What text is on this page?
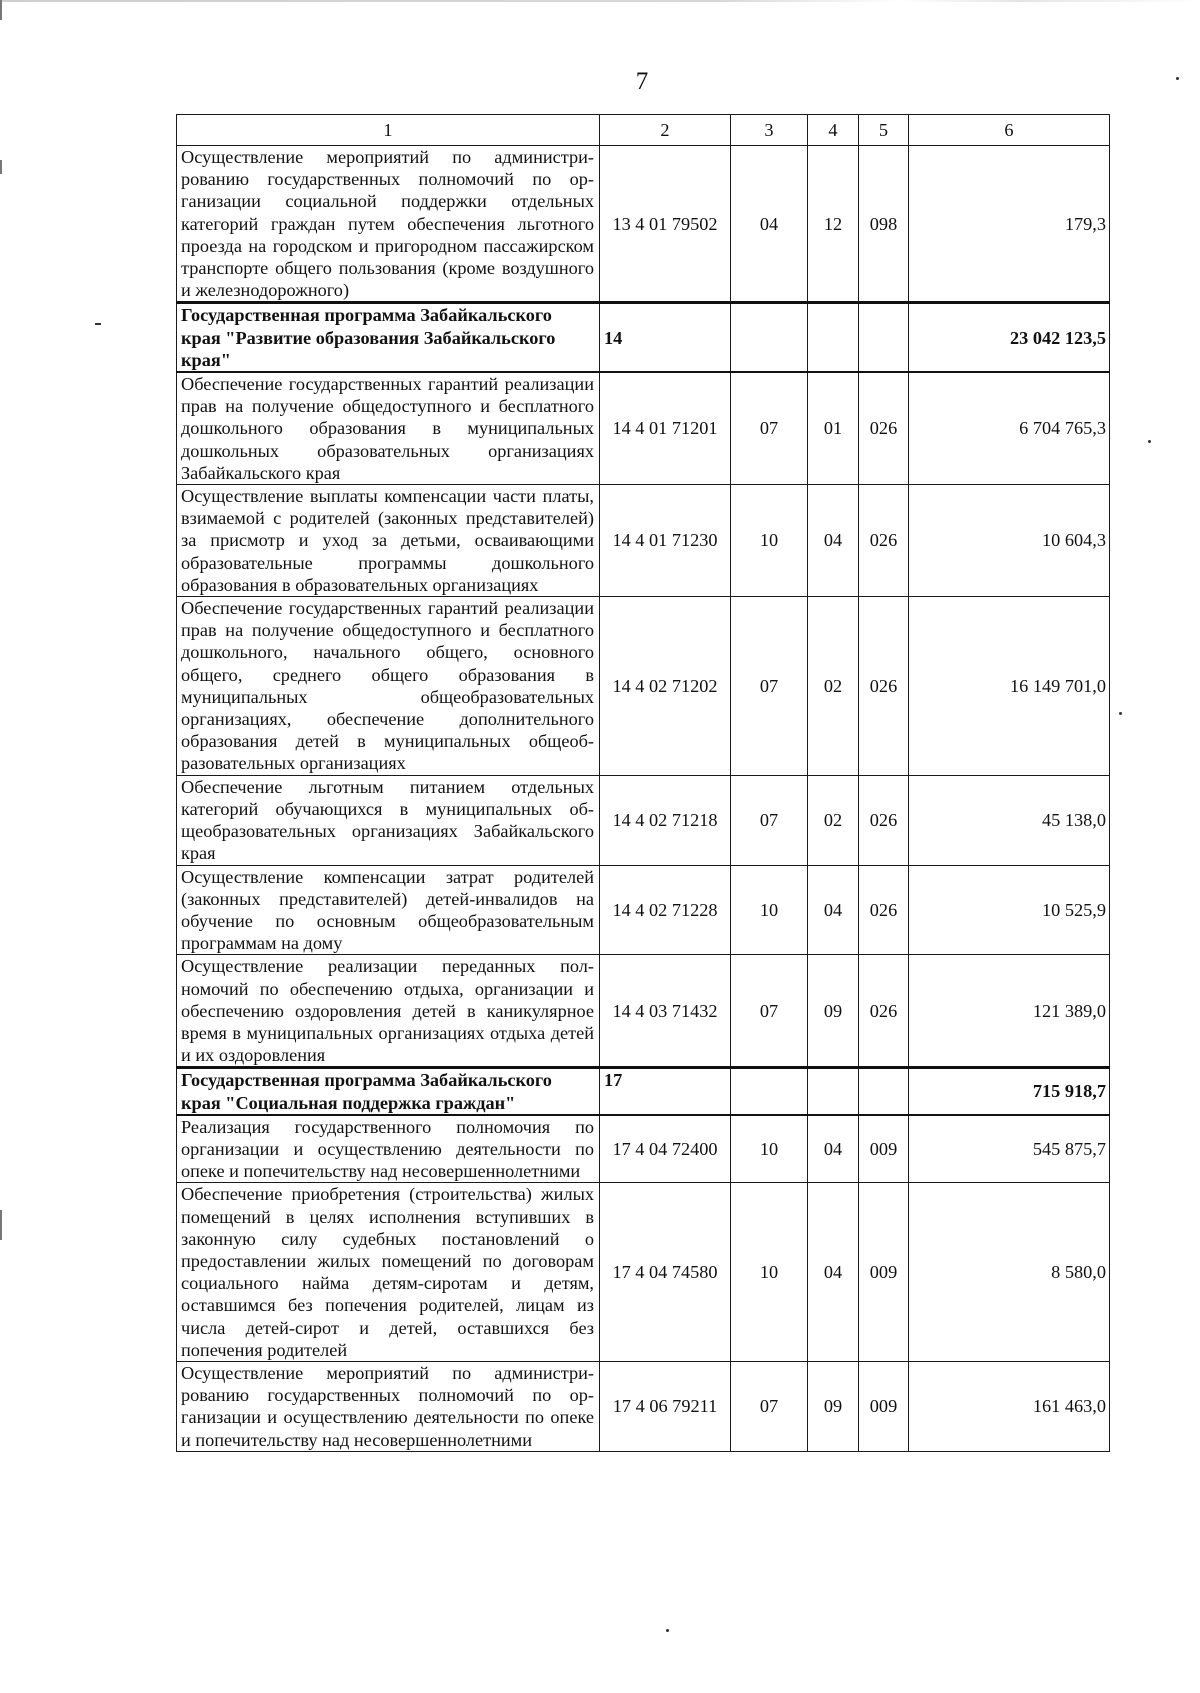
7
1	2	3	4	5	6
Осуществление мероприятий по администрированию государственных полномочий по организации социальной поддержки отдельных категорий граждан путем обеспечения льготного проезда на городском и пригородном пассажирском транспорте общего пользования (кроме воздушного и железнодорожного)	13 4 01 79502	04	12	098	179,3
Государственная программа Забайкальского края "Развитие образования Забайкальского края"	14				23 042 123,5
Обеспечение государственных гарантий реализации прав на получение общедоступного и бесплатного дошкольного образования в муниципальных дошкольных образовательных организациях Забайкальского края	14 4 01 71201	07	01	026	6 704 765,3
Осуществление выплаты компенсации части платы, взимаемой с родителей (законных представителей) за присмотр и уход за детьми, осваивающими образовательные программы дошкольного образования в образовательных организациях	14 4 01 71230	10	04	026	10 604,3
Обеспечение государственных гарантий реализации прав на получение общедоступного и бесплатного дошкольного, начального общего, основного общего, среднего общего образования в муниципальных общеобразовательных организациях, обеспечение дополнительного образования детей в муниципальных общеобразовательных организациях	14 4 02 71202	07	02	026	16 149 701,0
Обеспечение льготным питанием отдельных категорий обучающихся в муниципальных общеобразовательных организациях Забайкальского края	14 4 02 71218	07	02	026	45 138,0
Осуществление компенсации затрат родителей (законных представителей) детей-инвалидов на обучение по основным общеобразовательным программам на дому	14 4 02 71228	10	04	026	10 525,9
Осуществление реализации переданных полномочий по обеспечению отдыха, организации и обеспечению оздоровления детей в каникулярное время в муниципальных организациях отдыха детей и их оздоровления	14 4 03 71432	07	09	026	121 389,0
Государственная программа Забайкальского края "Социальная поддержка граждан"	17				715 918,7
Реализация государственного полномочия по организации и осуществлению деятельности по опеке и попечительству над несовершеннолетними	17 4 04 72400	10	04	009	545 875,7
Обеспечение приобретения (строительства) жилых помещений в целях исполнения вступивших в законную силу судебных постановлений о предоставлении жилых помещений по договорам социального найма детям-сиротам и детям, оставшимся без попечения родителей, лицам из числа детей-сирот и детей, оставшихся без попечения родителей	17 4 04 74580	10	04	009	8 580,0
Осуществление мероприятий по администрированию государственных полномочий по организации и осуществлению деятельности по опеке и попечительству над несовершеннолетними	17 4 06 79211	07	09	009	161 463,0
